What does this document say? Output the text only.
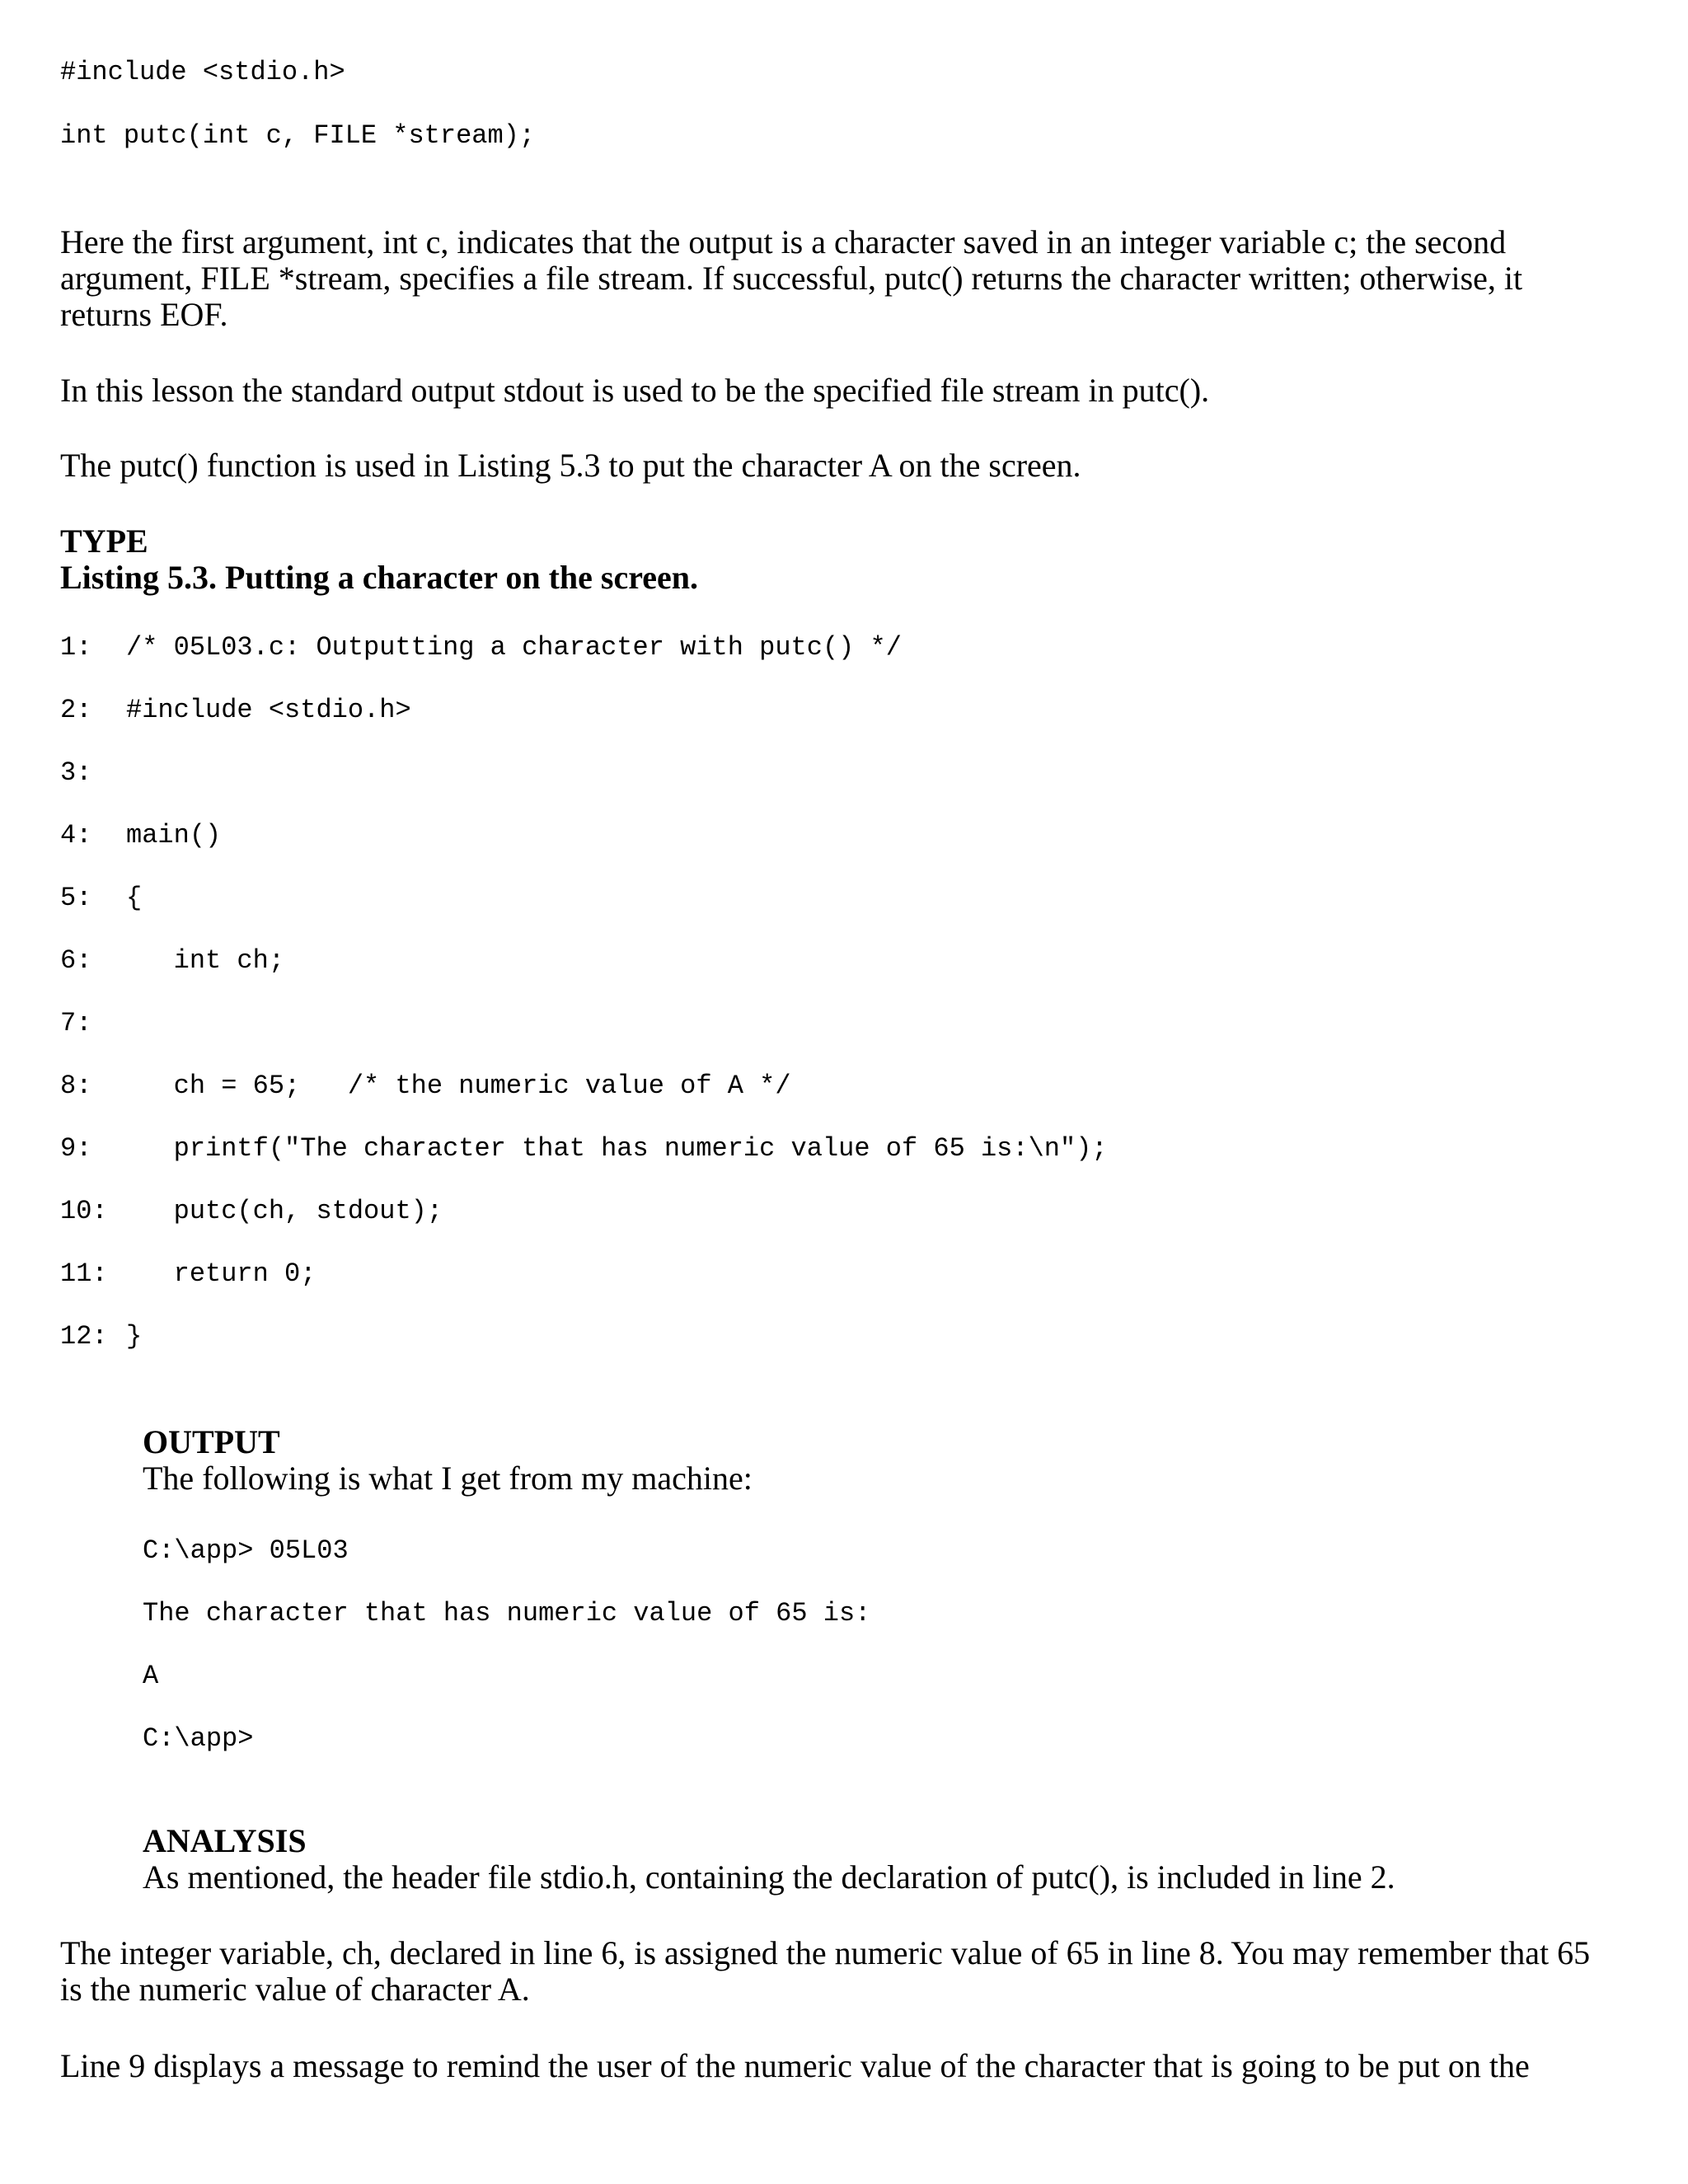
#include <stdio.h>
int putc(int c, FILE *stream);
Here the first argument, int c, indicates that the output is a character saved in an integer variable c; the second
argument, FILE *stream, specifies a file stream. If successful, putc() returns the character written; otherwise, it
returns EOF.
In this lesson the standard output stdout is used to be the specified file stream in putc().
The putc() function is used in Listing 5.3 to put the character A on the screen.
TYPE
Listing 5.3. Putting a character on the screen.
1: /* 05L03.c: Outputting a character with putc() */
2: #include <stdio.h>
3:
4: main()
5: {
6: int ch;
7:
8: ch = 65;   /* the numeric value of A */
9: printf("The character that has numeric value of 65 is:\n");
10: putc(ch, stdout);
11: return 0;
12: }
OUTPUT
The following is what I get from my machine:
C:\app> 05L03
The character that has numeric value of 65 is:
A
C:\app>
ANALYSIS
As mentioned, the header file stdio.h, containing the declaration of putc(), is included in line 2.
The integer variable, ch, declared in line 6, is assigned the numeric value of 65 in line 8. You may remember that 65
is the numeric value of character A.
Line 9 displays a message to remind the user of the numeric value of the character that is going to be put on the
